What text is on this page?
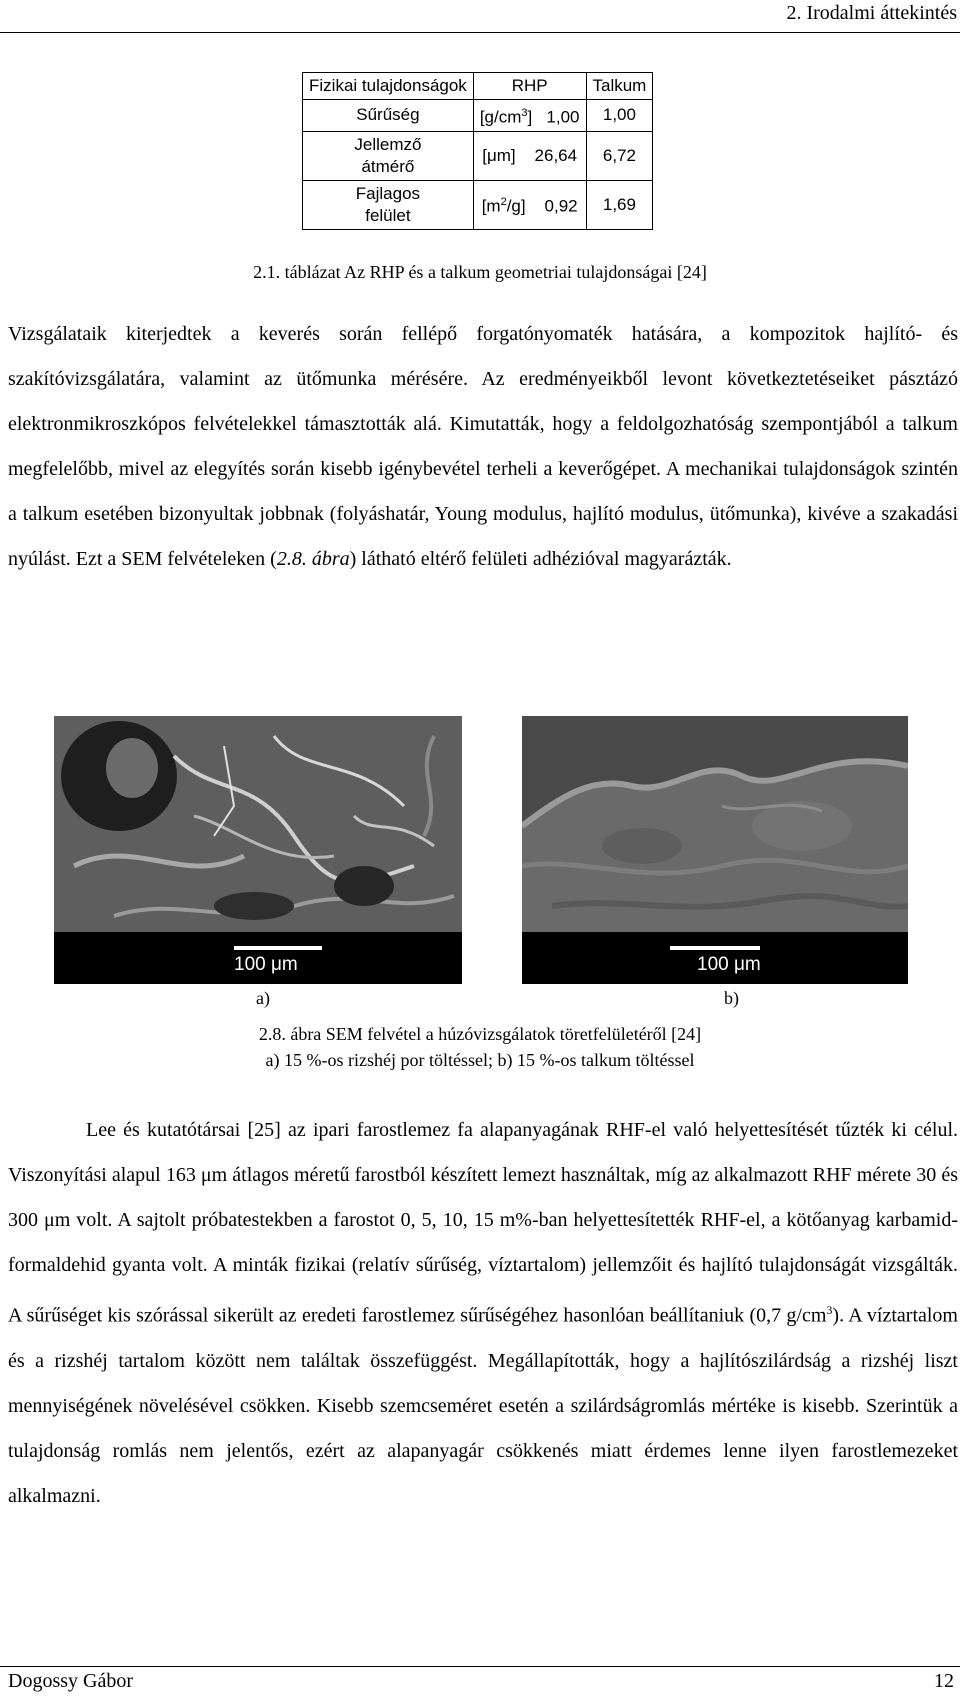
2. Irodalmi áttekintés
Fizikai tulajdonságok	RHP	Talkum
Sűrűség	$[g/cm^3]$ 1,00	1,00
Jellemző
átmérő	[μm] 26,64	6,72
Fajlagos
felület	$[m^2/g]$ 0,92	1,69
2.1. táblázat Az RHP és a talkum geometriai tulajdonságai [24]

Vizsgálataik kiterjedtek a keverés során fellépő forgatónyomaték hatására, a kompozitok hajlító- és szakítóvizsgálatára, valamint az ütőmunka mérésére. Az eredményeikből levont következtetéseiket pásztázó elektronmikroszkópos felvételekkel támasztották alá. Kimutatták, hogy a feldolgozhatóság szempontjából a talkum megfelelőbb, mivel az elegyítés során kisebb igénybevétel terheli a keverőgépet. A mechanikai tulajdonságok szintén a talkum esetében bizonyultak jobbnak (folyáshatár, Young modulus, hajlító modulus, ütőmunka), kivéve a szakadási nyúlást. Ezt a SEM felvételeken (2.8. ábra) látható eltérő felületi adhézióval magyarázták.

100 μm	100 μm
a)	b)
2.8. ábra SEM felvétel a húzóvizsgálatok töretfelületéről [24]
a) 15 %-os rizshéj por töltéssel; b) 15 %-os talkum töltéssel

Lee és kutatótársai [25] az ipari farostlemez fa alapanyagának RHF-el való helyettesítését tűzték ki célul. Viszonyítási alapul 163 μm átlagos méretű farostból készített lemezt használtak, míg az alkalmazott RHF mérete 30 és 300 μm volt. A sajtolt próbatestekben a farostot 0, 5, 10, 15 m%-ban helyettesítették RHF-el, a kötőanyag karbamid-formaldehid gyanta volt. A minták fizikai (relatív sűrűség, víztartalom) jellemzőit és hajlító tulajdonságát vizsgálták. A sűrűséget kis szórással sikerült az eredeti farostlemez sűrűségéhez hasonlóan beállítaniuk (0,7 $g/cm^3$). A víztartalom és a rizshéj tartalom között nem találtak összefüggést. Megállapították, hogy a hajlítószilárdság a rizshéj liszt mennyiségének növelésével csökken. Kisebb szemcseméret esetén a szilárdságromlás mértéke is kisebb. Szerintük a tulajdonság romlás nem jelentős, ezért az alapanyagár csökkenés miatt érdemes lenne ilyen farostlemezeket alkalmazni.

Dogossy Gábor	12
